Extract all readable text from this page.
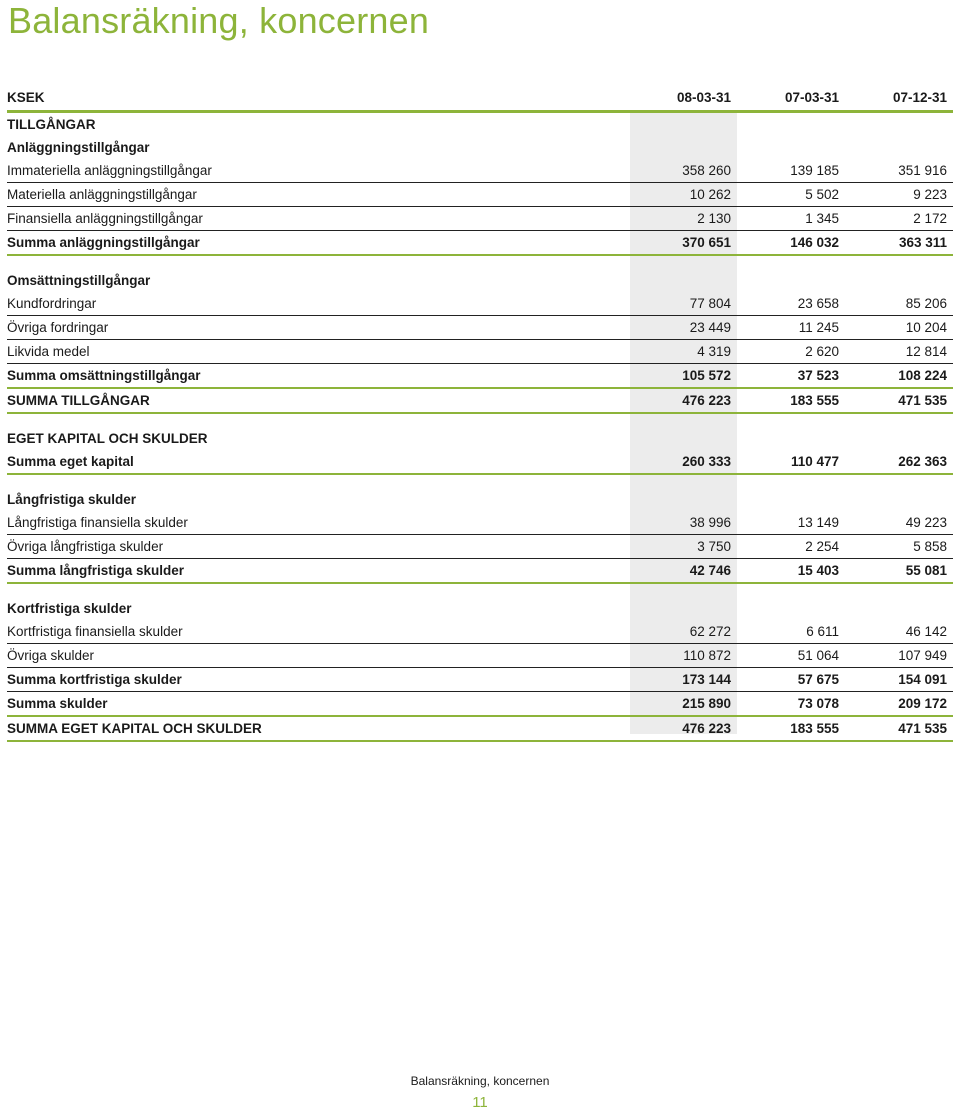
Balansräkning, koncernen
KSEK	08-03-31	07-03-31	07-12-31
TILLGÅNGAR
Anläggningstillgångar
Immateriella anläggningstillgångar	358 260	139 185	351 916
Materiella anläggningstillgångar	10 262	5 502	9 223
Finansiella anläggningstillgångar	2 130	1 345	2 172
Summa anläggningstillgångar	370 651	146 032	363 311
Omsättningstillgångar
Kundfordringar	77 804	23 658	85 206
Övriga fordringar	23 449	11 245	10 204
Likvida medel	4 319	2 620	12 814
Summa omsättningstillgångar	105 572	37 523	108 224
SUMMA TILLGÅNGAR	476 223	183 555	471 535
EGET KAPITAL OCH SKULDER
Summa eget kapital	260 333	110 477	262 363
Långfristiga skulder
Långfristiga finansiella skulder	38 996	13 149	49 223
Övriga långfristiga skulder	3 750	2 254	5 858
Summa långfristiga skulder	42 746	15 403	55 081
Kortfristiga skulder
Kortfristiga finansiella skulder	62 272	6 611	46 142
Övriga skulder	110 872	51 064	107 949
Summa kortfristiga skulder	173 144	57 675	154 091
Summa skulder	215 890	73 078	209 172
SUMMA EGET KAPITAL OCH SKULDER	476 223	183 555	471 535
Balansräkning, koncernen
11
